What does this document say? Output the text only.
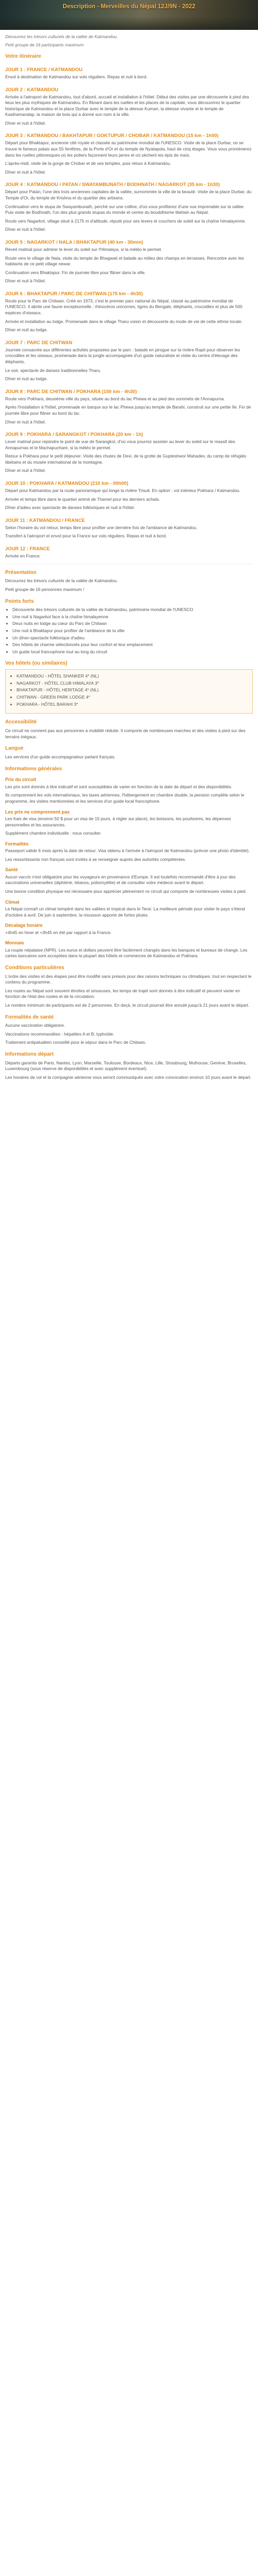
Description - Merveilles du Népal 12J/9N - 2022

Découvrez les trésors culturels de la vallée de Katmandou.

Petit groupe de 16 participants maximum

Votre itinéraire
JOUR 1 : FRANCE / KATMANDOU

Envol à destination de Katmandou sur vols réguliers. Repas et nuit à bord.

JOUR 2 : KATMANDOU

Arrivée à l'aéroport de Katmandou, tout d'abord, accueil et installation à l'hôtel. Début des visites par une découverte à pied des lieux les plus mythiques de Katmandou. En flânant dans les ruelles et les places de la capitale, vous découvrirez le quartier historique de Katmandou et la place Durbar avec le temple de la déesse Kumari, la déesse vivante et le temple de Kasthamandap, la maison de bois qui a donné son nom à la ville.

Dîner et nuit à l'hôtel.

JOUR 3 : KATMANDOU / BAKHTAPUR / GOKTUPUR / CHOBAR / KATMANDOU (15 km - 1h00)

Départ pour Bhaktapur, ancienne cité royale et classée au patrimoine mondial de l'UNESCO. Visite de la place Durbar, où se trouve le fameux palais aux 55 fenêtres, de la Porte d'Or et du temple de Nyatapola, haut de cinq étages. Vous vous promènerez dans les ruelles pittoresques où les potiers façonnent leurs jarres et où sèchent les épis de maïs.

L'après-midi, visite de la gorge de Chobar et de ses temples, puis retour à Katmandou.

Dîner et nuit à l'hôtel.

JOUR 4 : KATMANDOU / PATAN / SWAYAMBUNATH / BODHNATH / NAGARKOT (35 km - 1h30)

Départ pour Patan, l'une des trois anciennes capitales de la vallée, surnommée la ville de la beauté. Visite de la place Durbar, du Temple d'Or, du temple de Krishna et du quartier des artisans.

Continuation vers le stupa de Swayambunath, perché sur une colline, d'où vous profiterez d'une vue imprenable sur la vallée. Puis visite de Bodhnath, l'un des plus grands stupas du monde et centre du bouddhisme tibétain au Népal.

Route vers Nagarkot, village situé à 2175 m d'altitude, réputé pour ses levers et couchers de soleil sur la chaîne himalayenne.

Dîner et nuit à l'hôtel.

JOUR 5 : NAGARKOT / NALA / BHAKTAPUR (40 km - 30min)

Réveil matinal pour admirer le lever du soleil sur l'Himalaya, si la météo le permet.

Route vers le village de Nala, visite du temple de Bhagwati et balade au milieu des champs en terrasses. Rencontre avec les habitants de ce petit village newar.

Continuation vers Bhaktapur. Fin de journée libre pour flâner dans la ville.

Dîner et nuit à l'hôtel.

JOUR 6 : BHAKTAPUR / PARC DE CHITWAN (175 km - 4h30)

Route pour le Parc de Chitwan. Créé en 1973, c'est le premier parc national du Népal, classé au patrimoine mondial de l'UNESCO. Il abrite une faune exceptionnelle : rhinocéros unicornes, tigres du Bengale, éléphants, crocodiles et plus de 500 espèces d'oiseaux.

Arrivée et installation au lodge. Promenade dans le village Tharu voisin et découverte du mode de vie de cette ethnie locale.

Dîner et nuit au lodge.

JOUR 7 : PARC DE CHITWAN

Journée consacrée aux différentes activités proposées par le parc : balade en pirogue sur la rivière Rapti pour observer les crocodiles et les oiseaux, promenade dans la jungle accompagnée d'un guide naturaliste et visite du centre d'élevage des éléphants.

Le soir, spectacle de danses traditionnelles Tharu.

Dîner et nuit au lodge.

JOUR 8 : PARC DE CHITWAN / POKHARA (150 km - 4h30)

Route vers Pokhara, deuxième ville du pays, située au bord du lac Phewa et au pied des sommets de l'Annapurna.

Après l'installation à l'hôtel, promenade en barque sur le lac Phewa jusqu'au temple de Barahi, construit sur une petite île. Fin de journée libre pour flâner au bord du lac.

Dîner et nuit à l'hôtel.

JOUR 9 : POKHARA / SARANGKOT / POKHARA (20 km - 1h)

Lever matinal pour rejoindre le point de vue de Sarangkot, d'où vous pourrez assister au lever du soleil sur le massif des Annapurnas et le Machapuchare, si la météo le permet.

Retour à Pokhara pour le petit déjeuner. Visite des chutes de Devi, de la grotte de Gupteshwor Mahadev, du camp de réfugiés tibétains et du musée international de la montagne.

Dîner et nuit à l'hôtel.

JOUR 10 : POKHARA / KATMANDOU (210 km - 00h00)

Départ pour Katmandou par la route panoramique qui longe la rivière Trisuli. En option : vol intérieur Pokhara / Katmandou.

Arrivée et temps libre dans le quartier animé de Thamel pour les derniers achats.

Dîner d'adieu avec spectacle de danses folkloriques et nuit à l'hôtel.

JOUR 11 : KATMANDOU / FRANCE

Selon l'horaire du vol retour, temps libre pour profiter une dernière fois de l'ambiance de Katmandou.

Transfert à l'aéroport et envol pour la France sur vols réguliers. Repas et nuit à bord.

JOUR 12 : FRANCE

Arrivée en France.

Présentation

Découvrez les trésors culturels de la vallée de Katmandou.

Petit groupe de 16 personnes maximum !

Points forts
• Découverte des trésors culturels de la vallée de Katmandou, patrimoine mondial de l'UNESCO
• Une nuit à Nagarkot face à la chaîne himalayenne
• Deux nuits en lodge au cœur du Parc de Chitwan
• Une nuit à Bhaktapur pour profiter de l'ambiance de la ville
• Un dîner-spectacle folklorique d'adieu
• Des hôtels de charme sélectionnés pour leur confort et leur emplacement
• Un guide local francophone tout au long du circuit
Vos hôtels (ou similaires)
• KATMANDOU - HÔTEL SHANKER 4* (NL)
• NAGARKOT - HÔTEL CLUB HIMALAYA 3*
• BHAKTAPUR - HÔTEL HERITAGE 4* (NL)
• CHITWAN - GREEN PARK LODGE 4*
• POKHARA - HÔTEL BARAHI 3*
Accessibilité

Ce circuit ne convient pas aux personnes à mobilité réduite. Il comporte de nombreuses marches et des visites à pied sur des terrains inégaux.

Langue

Les services d'un guide accompagnateur parlant français.

Informations générales
Prix du circuit

Les prix sont donnés à titre indicatif et sont susceptibles de varier en fonction de la date de départ et des disponibilités.

Ils comprennent les vols internationaux, les taxes aériennes, l'hébergement en chambre double, la pension complète selon le programme, les visites mentionnées et les services d'un guide local francophone.

Les prix ne comprennent pas

Les frais de visa (environ 50 $ pour un visa de 15 jours, à régler sur place), les boissons, les pourboires, les dépenses personnelles et les assurances.

Supplément chambre individuelle : nous consulter.

Formalités

Passeport valide 6 mois après la date de retour. Visa obtenu à l'arrivée à l'aéroport de Katmandou (prévoir une photo d'identité).

Les ressortissants non français sont invités à se renseigner auprès des autorités compétentes.

Santé

Aucun vaccin n'est obligatoire pour les voyageurs en provenance d'Europe. Il est toutefois recommandé d'être à jour des vaccinations universelles (diphtérie, tétanos, poliomyélite) et de consulter votre médecin avant le départ.

Une bonne condition physique est nécessaire pour apprécier pleinement ce circuit qui comporte de nombreuses visites à pied.

Climat

Le Népal connaît un climat tempéré dans les vallées et tropical dans le Teraï. La meilleure période pour visiter le pays s'étend d'octobre à avril. De juin à septembre, la mousson apporte de fortes pluies.

Décalage horaire

+4h45 en hiver et +3h45 en été par rapport à la France.

Monnaie

La roupie népalaise (NPR). Les euros et dollars peuvent être facilement changés dans les banques et bureaux de change. Les cartes bancaires sont acceptées dans la plupart des hôtels et commerces de Katmandou et Pokhara.

Conditions particulières

L'ordre des visites et des étapes peut être modifié sans préavis pour des raisons techniques ou climatiques, tout en respectant le contenu du programme.

Les routes au Népal sont souvent étroites et sinueuses, les temps de trajet sont donnés à titre indicatif et peuvent varier en fonction de l'état des routes et de la circulation.

Le nombre minimum de participants est de 2 personnes. En deçà, le circuit pourrait être annulé jusqu'à 21 jours avant le départ.

Formalités de santé

Aucune vaccination obligatoire.

Vaccinations recommandées : hépatites A et B, typhoïde.

Traitement antipaludéen conseillé pour le séjour dans le Parc de Chitwan.

Informations départ

Départs garantis de Paris, Nantes, Lyon, Marseille, Toulouse, Bordeaux, Nice, Lille, Strasbourg, Mulhouse, Genève, Bruxelles, Luxembourg (sous réserve de disponibilités et avec supplément éventuel).

Les horaires de vol et la compagnie aérienne vous seront communiqués avec votre convocation environ 10 jours avant le départ.
